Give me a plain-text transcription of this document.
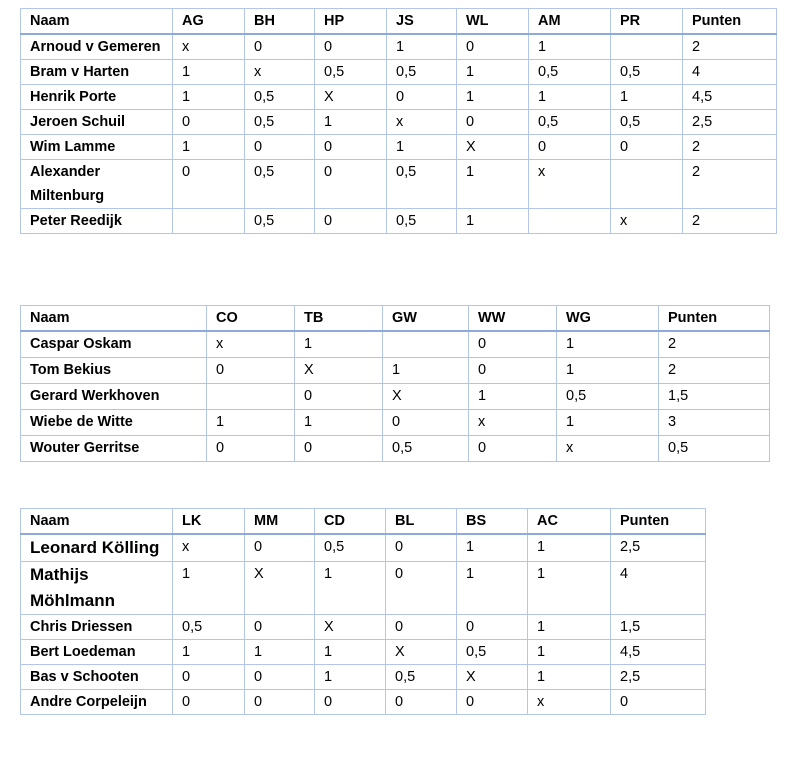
Naam	AG	BH	HP	JS	WL	AM	PR	Punten
Arnoud v Gemeren	x	0	0	1	0	1		2
Bram v Harten	1	x	0,5	0,5	1	0,5	0,5	4
Henrik Porte	1	0,5	X	0	1	1	1	4,5
Jeroen Schuil	0	0,5	1	x	0	0,5	0,5	2,5
Wim Lamme	1	0	0	1	X	0	0	2
Alexander Miltenburg	0	0,5	0	0,5	1	x		2
Peter Reedijk		0,5	0	0,5	1		x	2
Naam	CO	TB	GW	WW	WG	Punten
Caspar Oskam	x	1		0	1	2
Tom Bekius	0	X	1	0	1	2
Gerard Werkhoven		0	X	1	0,5	1,5
Wiebe de Witte	1	1	0	x	1	3
Wouter Gerritse	0	0	0,5	0	x	0,5
Naam	LK	MM	CD	BL	BS	AC	Punten
Leonard Kölling	x	0	0,5	0	1	1	2,5
Mathijs Möhlmann	1	X	1	0	1	1	4
Chris Driessen	0,5	0	X	0	0	1	1,5
Bert Loedeman	1	1	1	X	0,5	1	4,5
Bas v Schooten	0	0	1	0,5	X	1	2,5
Andre Corpeleijn	0	0	0	0	0	x	0
